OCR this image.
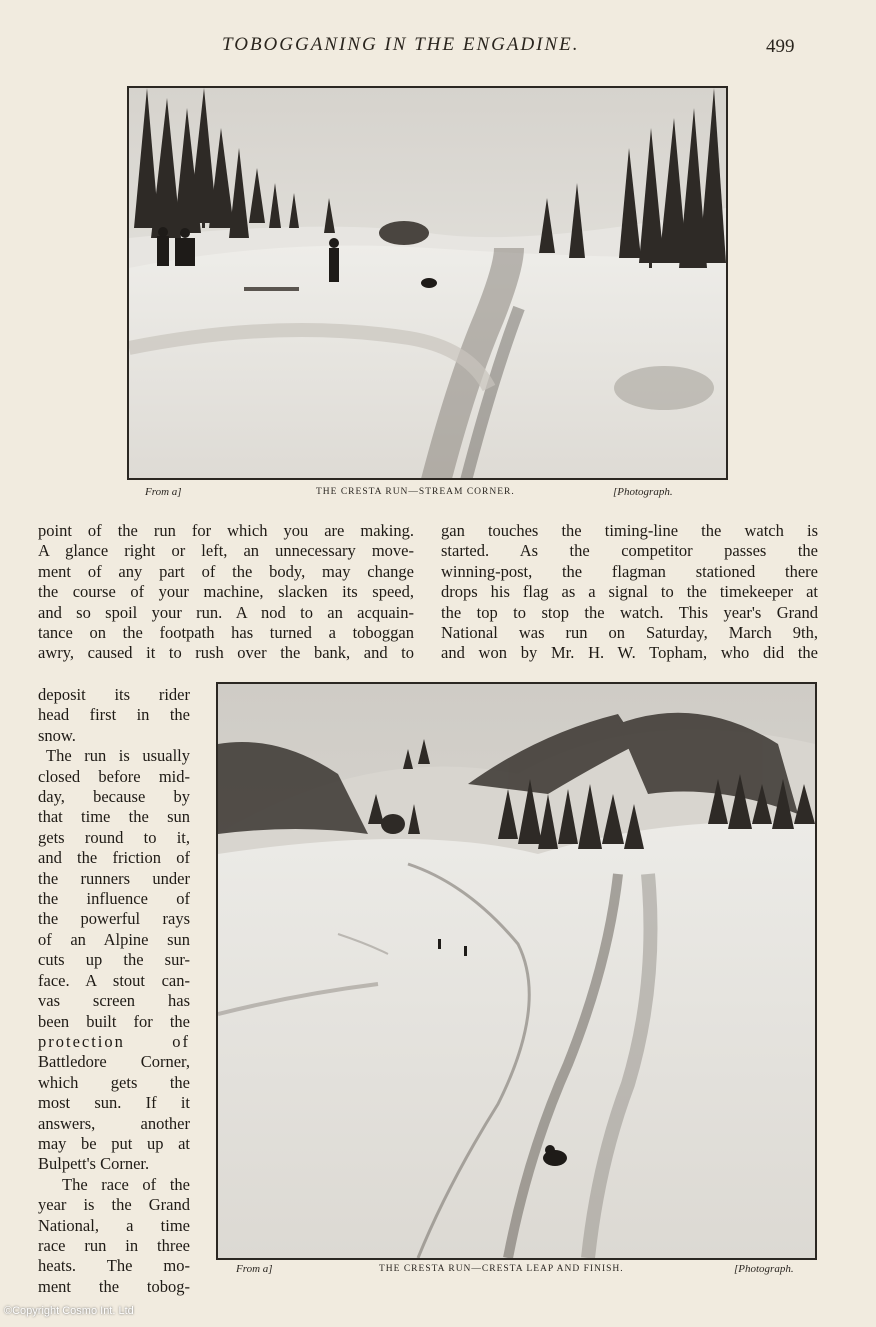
TOBOGGANING IN THE ENGADINE.	499
From a]	THE CRESTA RUN—STREAM CORNER.	[Photograph.
point of the run for which you are making.
A glance right or left, an unnecessary move-
ment of any part of the body, may change
the course of your machine, slacken its speed,
and so spoil your run. A nod to an acquain-
tance on the footpath has turned a toboggan
awry, caused it to rush over the bank, and to
gan touches the timing-line the watch is
started. As the competitor passes the
winning-post, the flagman stationed there
drops his flag as a signal to the timekeeper at
the top to stop the watch. This year's Grand
National was run on Saturday, March 9th,
and won by Mr. H. W. Topham, who did the
deposit its rider
head first in the
snow.
The run is usually
closed before mid-
day, because by
that time the sun
gets round to it,
and the friction of
the runners under
the influence of
the powerful rays
of an Alpine sun
cuts up the sur-
face. A stout can-
vas screen has
been built for the
protection of
Battledore Corner,
which gets the
most sun. If it
answers, another
may be put up at
Bulpett's Corner.
The race of the
year is the Grand
National, a time
race run in three
heats. The mo-
ment the tobog-
From a]	THE CRESTA RUN—CRESTA LEAP AND FINISH.	[Photograph.
©Copyright Cosmo Int. Ltd
